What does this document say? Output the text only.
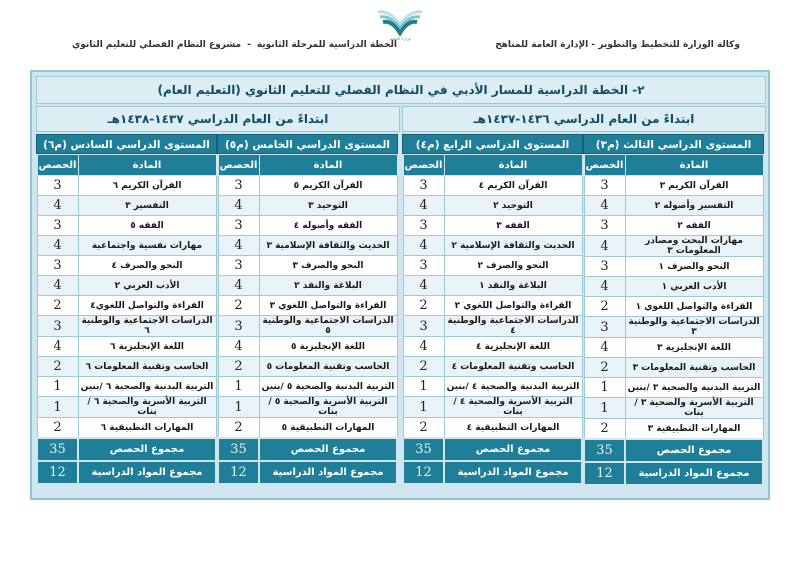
وكالة الوزارة للتخطيط والتطوير - الإدارة العامة للمناهج
وزارة التعليم
الخطة الدراسية للمرحلة الثانوية-مشروع النظام الفصلي للتعليم الثانوي
٢- الخطة الدراسية للمسار الأدبي في النظام الفصلي للتعليم الثانوي (التعليم العام)
ابتداءً من العام الدراسي ١٤٣٦-١٤٣٧هـ
ابتداءً من العام الدراسي ١٤٣٧-١٤٣٨هـ
المستوى الدراسي الثالث (م٣)
المادة	الحصص
القرآن الكريم ٣	3
التفسير وأصوله ٢	4
الفقه ٢	3
مهارات البحث ومصادر المعلومات ٣	4
النحو والصرف ١	3
الأدب العربي ١	4
القراءة والتواصل اللغوي ١	2
الدراسات الاجتماعية والوطنية ٣	3
اللغة الإنجليزية ٣	4
الحاسب وتقنية المعلومات ٣	2
التربية البدنية والصحية ٣ /بنين	1
التربية الأسرية والصحية ٣ /بنات	1
المهارات التطبيقية ٣	2
مجموع الحصص	35
مجموع المواد الدراسية	12
المستوى الدراسي الرابع (م٤)
المادة	الحصص
القرآن الكريم ٤	3
التوحيد ٢	4
الفقه ٣	3
الحديث والثقافة الإسلامية ٢	4
النحو والصرف ٢	3
البلاغة والنقد ١	4
القراءة والتواصل اللغوي ٢	2
الدراسات الاجتماعية والوطنية ٤	3
اللغة الإنجليزية ٤	4
الحاسب وتقنية المعلومات ٤	2
التربية البدنية والصحية ٤ /بنين	1
التربية الأسرية والصحية ٤ /بنات	1
المهارات التطبيقية ٤	2
مجموع الحصص	35
مجموع المواد الدراسية	12
المستوى الدراسي الخامس (م٥)
المادة	الحصص
القرآن الكريم ٥	3
التوحيد ٣	4
الفقه وأصوله ٤	3
الحديث والثقافة الإسلامية ٣	4
النحو والصرف ٣	3
البلاغة والنقد ٢	4
القراءة والتواصل اللغوي ٣	2
الدراسات الاجتماعية والوطنية ٥	3
اللغة الإنجليزية ٥	4
الحاسب وتقنية المعلومات ٥	2
التربية البدنية والصحية ٥ /بنين	1
التربية الأسرية والصحية ٥ /بنات	1
المهارات التطبيقية ٥	2
مجموع الحصص	35
مجموع المواد الدراسية	12
المستوى الدراسي السادس (م٦)
المادة	الحصص
القرآن الكريم ٦	3
التفسير ٣	4
الفقه ٥	3
مهارات نفسية واجتماعية	4
النحو والصرف ٤	3
الأدب العربي ٢	4
القراءة والتواصل اللغوي٤	2
الدراسات الاجتماعية والوطنية ٦	3
اللغة الإنجليزية ٦	4
الحاسب وتقنية المعلومات ٦	2
التربية البدنية والصحية ٦ /بنين	1
التربية الأسرية والصحية ٦ /بنات	1
المهارات التطبيقية ٦	2
مجموع الحصص	35
مجموع المواد الدراسية	12
